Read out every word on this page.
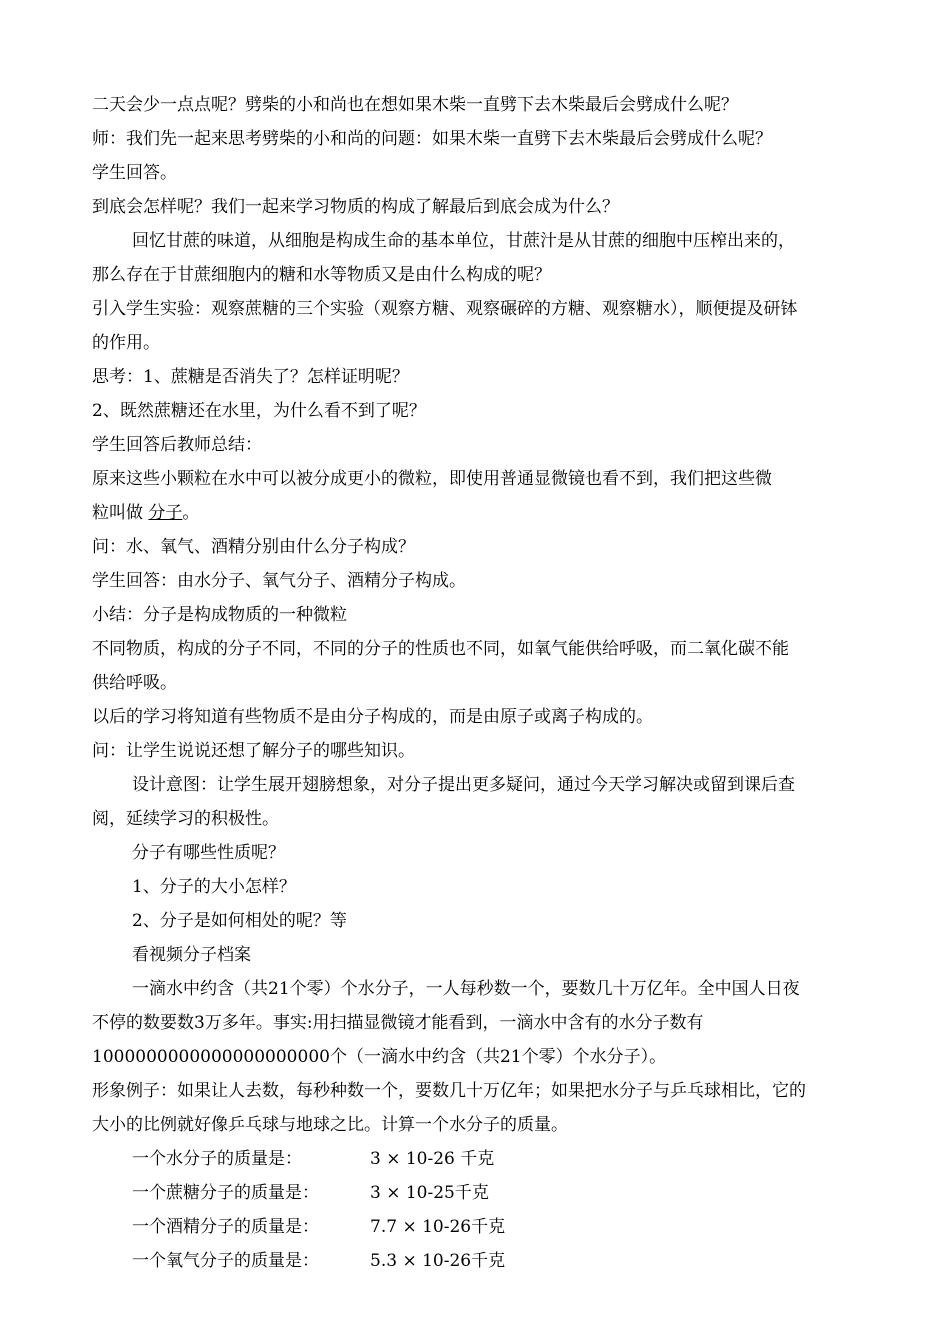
二天会少一点点呢？劈柴的小和尚也在想如果木柴一直劈下去木柴最后会劈成什么呢？

师：我们先一起来思考劈柴的小和尚的问题：如果木柴一直劈下去木柴最后会劈成什么呢？

学生回答。

到底会怎样呢？我们一起来学习物质的构成了解最后到底会成为什么？

回忆甘蔗的味道，从细胞是构成生命的基本单位，甘蔗汁是从甘蔗的细胞中压榨出来的，

那么存在于甘蔗细胞内的糖和水等物质又是由什么构成的呢？

引入学生实验：观察蔗糖的三个实验（观察方糖、观察碾碎的方糖、观察糖水），顺便提及研钵

的作用。

思考：1、蔗糖是否消失了？怎样证明呢？

2、既然蔗糖还在水里，为什么看不到了呢？

学生回答后教师总结：

原来这些小颗粒在水中可以被分成更小的微粒，即使用普通显微镜也看不到，我们把这些微

粒叫做 分子。

问：水、氧气、酒精分别由什么分子构成？

学生回答：由水分子、氧气分子、酒精分子构成。

小结：分子是构成物质的一种微粒

不同物质，构成的分子不同，不同的分子的性质也不同，如氧气能供给呼吸，而二氧化碳不能

供给呼吸。

以后的学习将知道有些物质不是由分子构成的，而是由原子或离子构成的。

问：让学生说说还想了解分子的哪些知识。

设计意图：让学生展开翅膀想象，对分子提出更多疑问，通过今天学习解决或留到课后查

阅，延续学习的积极性。

分子有哪些性质呢？

1、分子的大小怎样？

2、分子是如何相处的呢？等

看视频分子档案

一滴水中约含（共21个零）个水分子，一人每秒数一个，要数几十万亿年。全中国人日夜

不停的数要数3万多年。事实:用扫描显微镜才能看到，一滴水中含有的水分子数有

1000000000000000000000个（一滴水中约含（共21个零）个水分子）。

形象例子：如果让人去数，每秒种数一个，要数几十万亿年；如果把水分子与乒乓球相比，它的

大小的比例就好像乒乓球与地球之比。计算一个水分子的质量。

一个水分子的质量是：	3 × 10-26 千克
一个蔗糖分子的质量是：	3 × 10-25千克
一个酒精分子的质量是：	7.7 × 10-26千克
一个氧气分子的质量是：	5.3 × 10-26千克
